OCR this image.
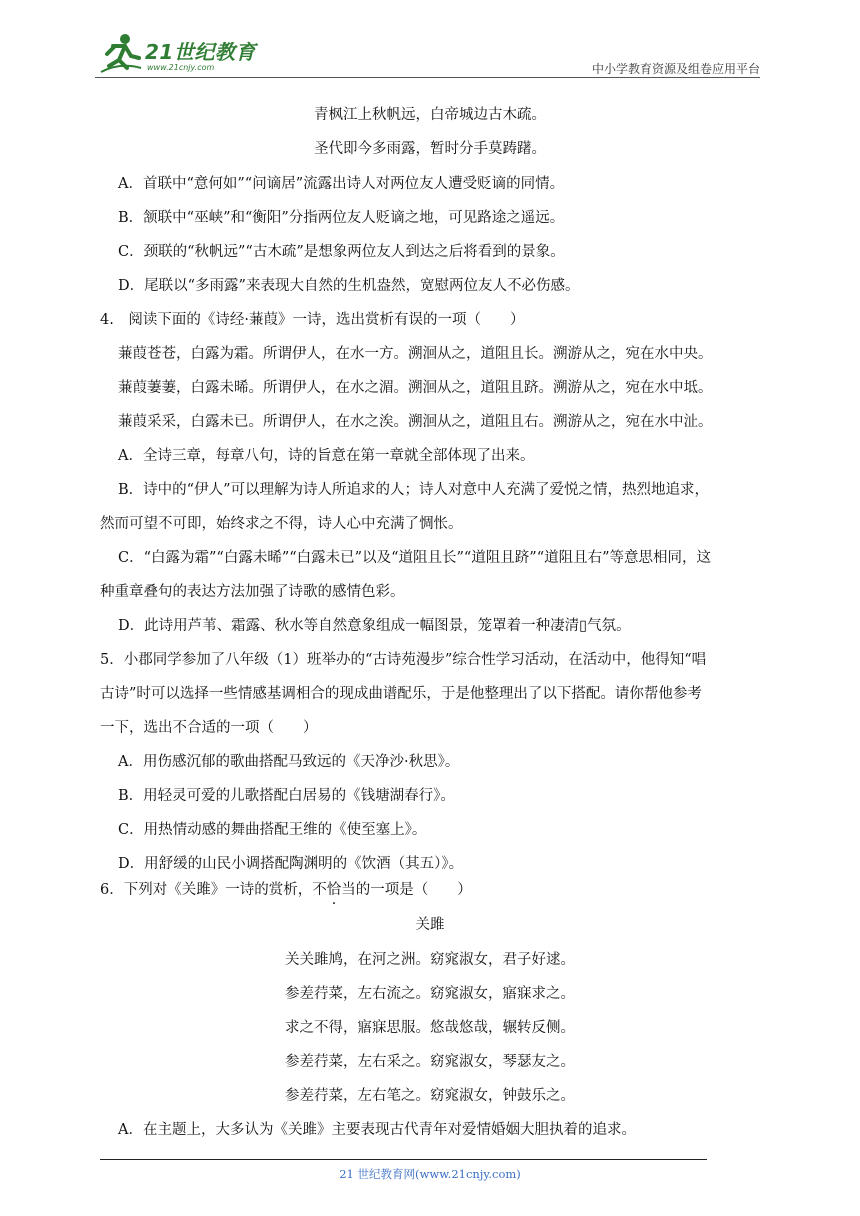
21世纪教育
www.21cnjy.com	中小学教育资源及组卷应用平台
青枫江上秋帆远，白帝城边古木疏。
圣代即今多雨露，暂时分手莫踌躇。
A．首联中“意何如”“问谪居”流露出诗人对两位友人遭受贬谪的同情。
B．颔联中“巫峡”和“衡阳”分指两位友人贬谪之地，可见路途之遥远。
C．颈联的“秋帆远”“古木疏”是想象两位友人到达之后将看到的景象。
D．尾联以“多雨露”来表现大自然的生机盎然，宽慰两位友人不必伤感。
4.　阅读下面的《诗经·蒹葭》一诗，选出赏析有误的一项（　　）
蒹葭苍苍，白露为霜。所谓伊人，在水一方。溯洄从之，道阻且长。溯游从之，宛在水中央。
蒹葭萋萋，白露未晞。所谓伊人，在水之湄。溯洄从之，道阻且跻。溯游从之，宛在水中坻。
蒹葭采采，白露未已。所谓伊人，在水之涘。溯洄从之，道阻且右。溯游从之，宛在水中沚。
A．全诗三章，每章八句，诗的旨意在第一章就全部体现了出来。
B．诗中的“伊人”可以理解为诗人所追求的人；诗人对意中人充满了爱悦之情，热烈地追求，
然而可望不可即，始终求之不得，诗人心中充满了惆怅。
C．“白露为霜”“白露未晞”“白露未已”以及“道阻且长”“道阻且跻”“道阻且右”等意思相同，这
种重章叠句的表达方法加强了诗歌的感情色彩。
D．此诗用芦苇、霜露、秋水等自然意象组成一幅图景，笼罩着一种凄清▯气氛。
5．小郡同学参加了八年级（1）班举办的“古诗苑漫步”综合性学习活动，在活动中，他得知“唱
古诗”时可以选择一些情感基调相合的现成曲谱配乐，于是他整理出了以下搭配。请你帮他参考
一下，选出不合适的一项（　　）
A．用伤感沉郁的歌曲搭配马致远的《天净沙·秋思》。
B．用轻灵可爱的儿歌搭配白居易的《钱塘湖春行》。
C．用热情动感的舞曲搭配王维的《使至塞上》。
D．用舒缓的山民小调搭配陶渊明的《饮酒（其五）》。
6．下列对《关雎》一诗的赏析，不恰当的一项是（　　）
关雎
关关雎鸠，在河之洲。窈窕淑女，君子好逑。
参差荇菜，左右流之。窈窕淑女，寤寐求之。
求之不得，寤寐思服。悠哉悠哉，辗转反侧。
参差荇菜，左右采之。窈窕淑女，琴瑟友之。
参差荇菜，左右笔之。窈窕淑女，钟鼓乐之。
A．在主题上，大多认为《关雎》主要表现古代青年对爱情婚姻大胆执着的追求。
21 世纪教育网(www.21cnjy.com)
